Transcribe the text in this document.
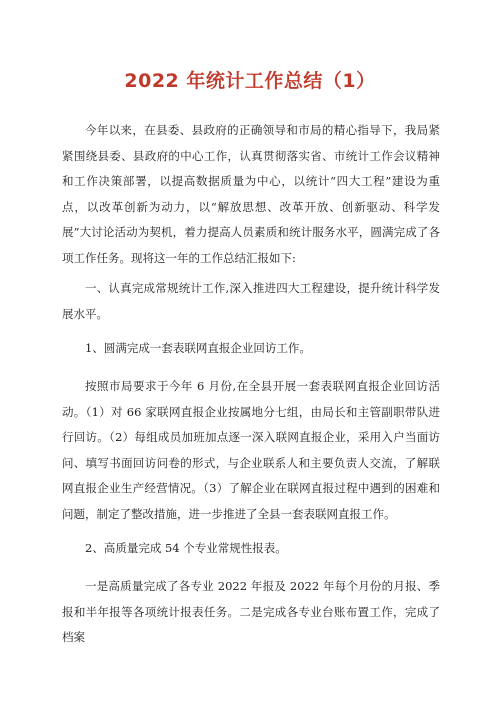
2022 年统计工作总结（1）

今年以来，在县委、县政府的正确领导和市局的精心指导下，我局紧紧围绕县委、县政府的中心工作，认真贯彻落实省、市统计工作会议精神和工作决策部署，以提高数据质量为中心，以统计“四大工程”建设为重点，以改革创新为动力，以“解放思想、改革开放、创新驱动、科学发展”大讨论活动为契机，着力提高人员素质和统计服务水平，圆满完成了各项工作任务。现将这一年的工作总结汇报如下:

一、认真完成常规统计工作,深入推进四大工程建设，提升统计科学发展水平。

1、圆满完成一套表联网直报企业回访工作。

按照市局要求于今年 6 月份,在全县开展一套表联网直报企业回访活动。（1）对 66 家联网直报企业按属地分七组，由局长和主管副职带队进行回访。（2）每组成员加班加点逐一深入联网直报企业，采用入户当面访问、填写书面回访问卷的形式，与企业联系人和主要负责人交流，了解联网直报企业生产经营情况。（3）了解企业在联网直报过程中遇到的困难和问题，制定了整改措施，进一步推进了全县一套表联网直报工作。

2、高质量完成 54 个专业常规性报表。

一是高质量完成了各专业 2022 年报及 2022 年每个月份的月报、季报和半年报等各项统计报表任务。二是完成各专业台账布置工作，完成了档案
